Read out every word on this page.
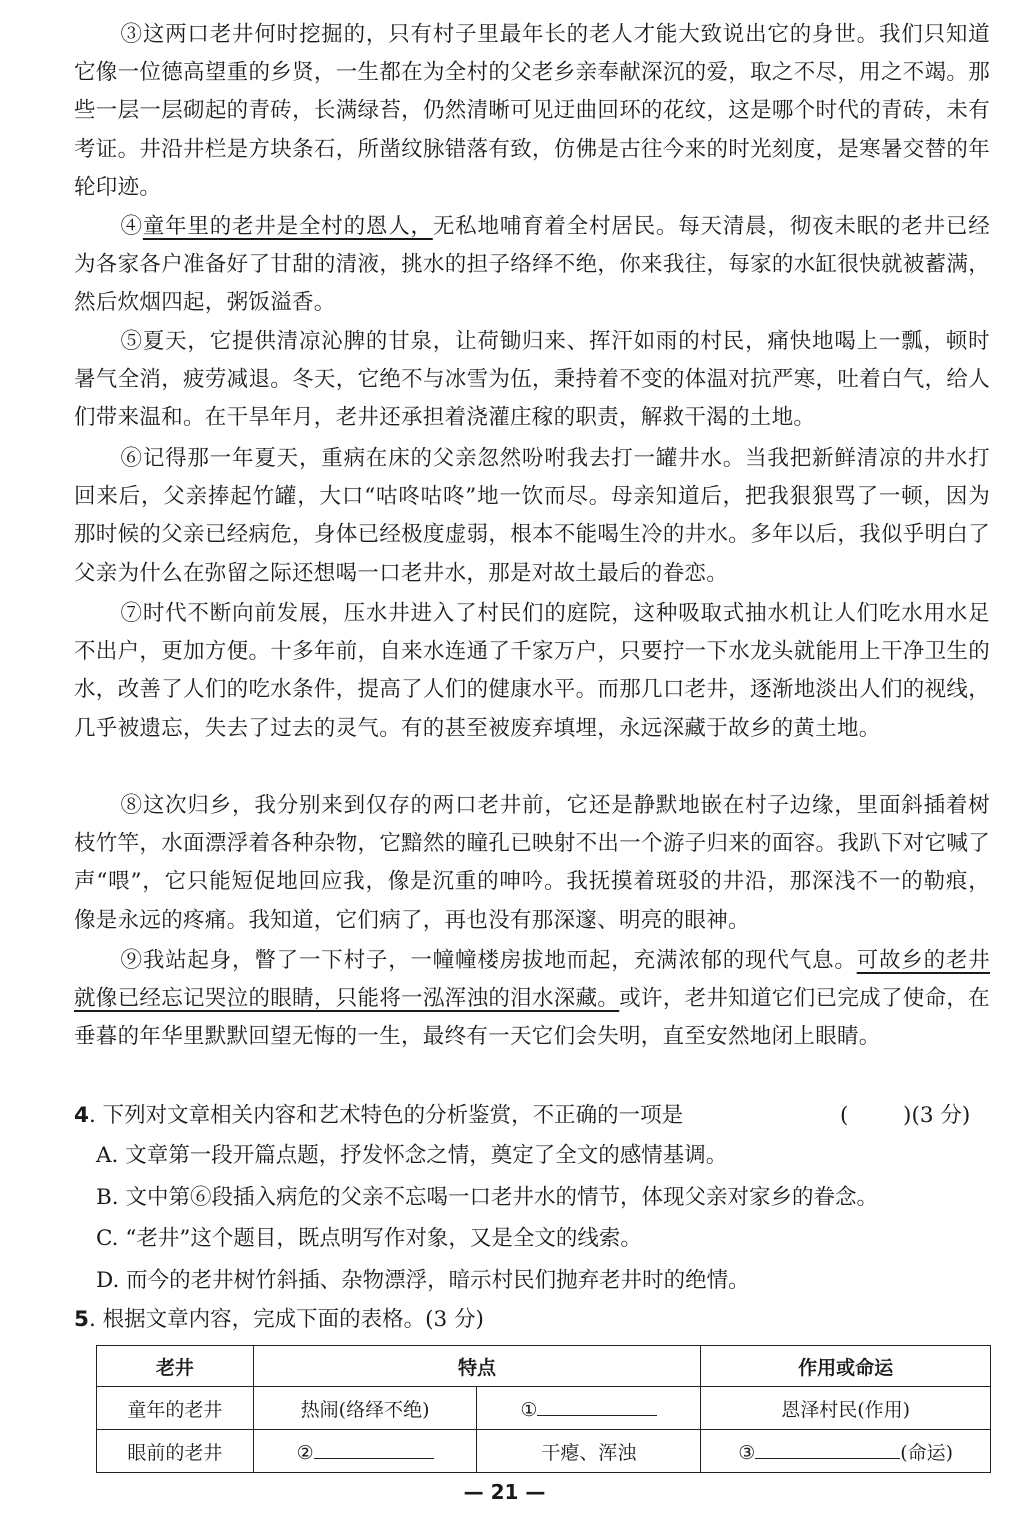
③这两口老井何时挖掘的，只有村子里最年长的老人才能大致说出它的身世。我们只知道它像一位德高望重的乡贤，一生都在为全村的父老乡亲奉献深沉的爱，取之不尽，用之不竭。那些一层一层砌起的青砖，长满绿苔，仍然清晰可见迂曲回环的花纹，这是哪个时代的青砖，未有考证。井沿井栏是方块条石，所凿纹脉错落有致，仿佛是古往今来的时光刻度，是寒暑交替的年轮印迹。

④童年里的老井是全村的恩人，无私地哺育着全村居民。每天清晨，彻夜未眠的老井已经为各家各户准备好了甘甜的清液，挑水的担子络绎不绝，你来我往，每家的水缸很快就被蓄满，然后炊烟四起，粥饭溢香。

⑤夏天，它提供清凉沁脾的甘泉，让荷锄归来、挥汗如雨的村民，痛快地喝上一瓢，顿时暑气全消，疲劳减退。冬天，它绝不与冰雪为伍，秉持着不变的体温对抗严寒，吐着白气，给人们带来温和。在干旱年月，老井还承担着浇灌庄稼的职责，解救干渴的土地。

⑥记得那一年夏天，重病在床的父亲忽然吩咐我去打一罐井水。当我把新鲜清凉的井水打回来后，父亲捧起竹罐，大口“咕咚咕咚”地一饮而尽。母亲知道后，把我狠狠骂了一顿，因为那时候的父亲已经病危，身体已经极度虚弱，根本不能喝生冷的井水。多年以后，我似乎明白了父亲为什么在弥留之际还想喝一口老井水，那是对故土最后的眷恋。

⑦时代不断向前发展，压水井进入了村民们的庭院，这种吸取式抽水机让人们吃水用水足不出户，更加方便。十多年前，自来水连通了千家万户，只要拧一下水龙头就能用上干净卫生的水，改善了人们的吃水条件，提高了人们的健康水平。而那几口老井，逐渐地淡出人们的视线，几乎被遗忘，失去了过去的灵气。有的甚至被废弃填埋，永远深藏于故乡的黄土地。

⑧这次归乡，我分别来到仅存的两口老井前，它还是静默地嵌在村子边缘，里面斜插着树枝竹竿，水面漂浮着各种杂物，它黯然的瞳孔已映射不出一个游子归来的面容。我趴下对它喊了声“喂”，它只能短促地回应我，像是沉重的呻吟。我抚摸着斑驳的井沿，那深浅不一的勒痕，像是永远的疼痛。我知道，它们病了，再也没有那深邃、明亮的眼神。

⑨我站起身，瞥了一下村子，一幢幢楼房拔地而起，充满浓郁的现代气息。可故乡的老井就像已经忘记哭泣的眼睛，只能将一泓浑浊的泪水深藏。或许，老井知道它们已完成了使命，在垂暮的年华里默默回望无悔的一生，最终有一天它们会失明，直至安然地闭上眼睛。

4. 下列对文章相关内容和艺术特色的分析鉴赏，不正确的一项是	(        )(3 分)

A. 文章第一段开篇点题，抒发怀念之情，奠定了全文的感情基调。

B. 文中第⑥段插入病危的父亲不忘喝一口老井水的情节，体现父亲对家乡的眷念。

C. “老井”这个题目，既点明写作对象，又是全文的线索。

D. 而今的老井树竹斜插、杂物漂浮，暗示村民们抛弃老井时的绝情。

5. 根据文章内容，完成下面的表格。(3 分)
老井	特点		作用或命运
童年的老井	热闹(络绎不绝)	①	恩泽村民(作用)
眼前的老井	②	干瘪、浑浊	③ (命运)
— 21 —
